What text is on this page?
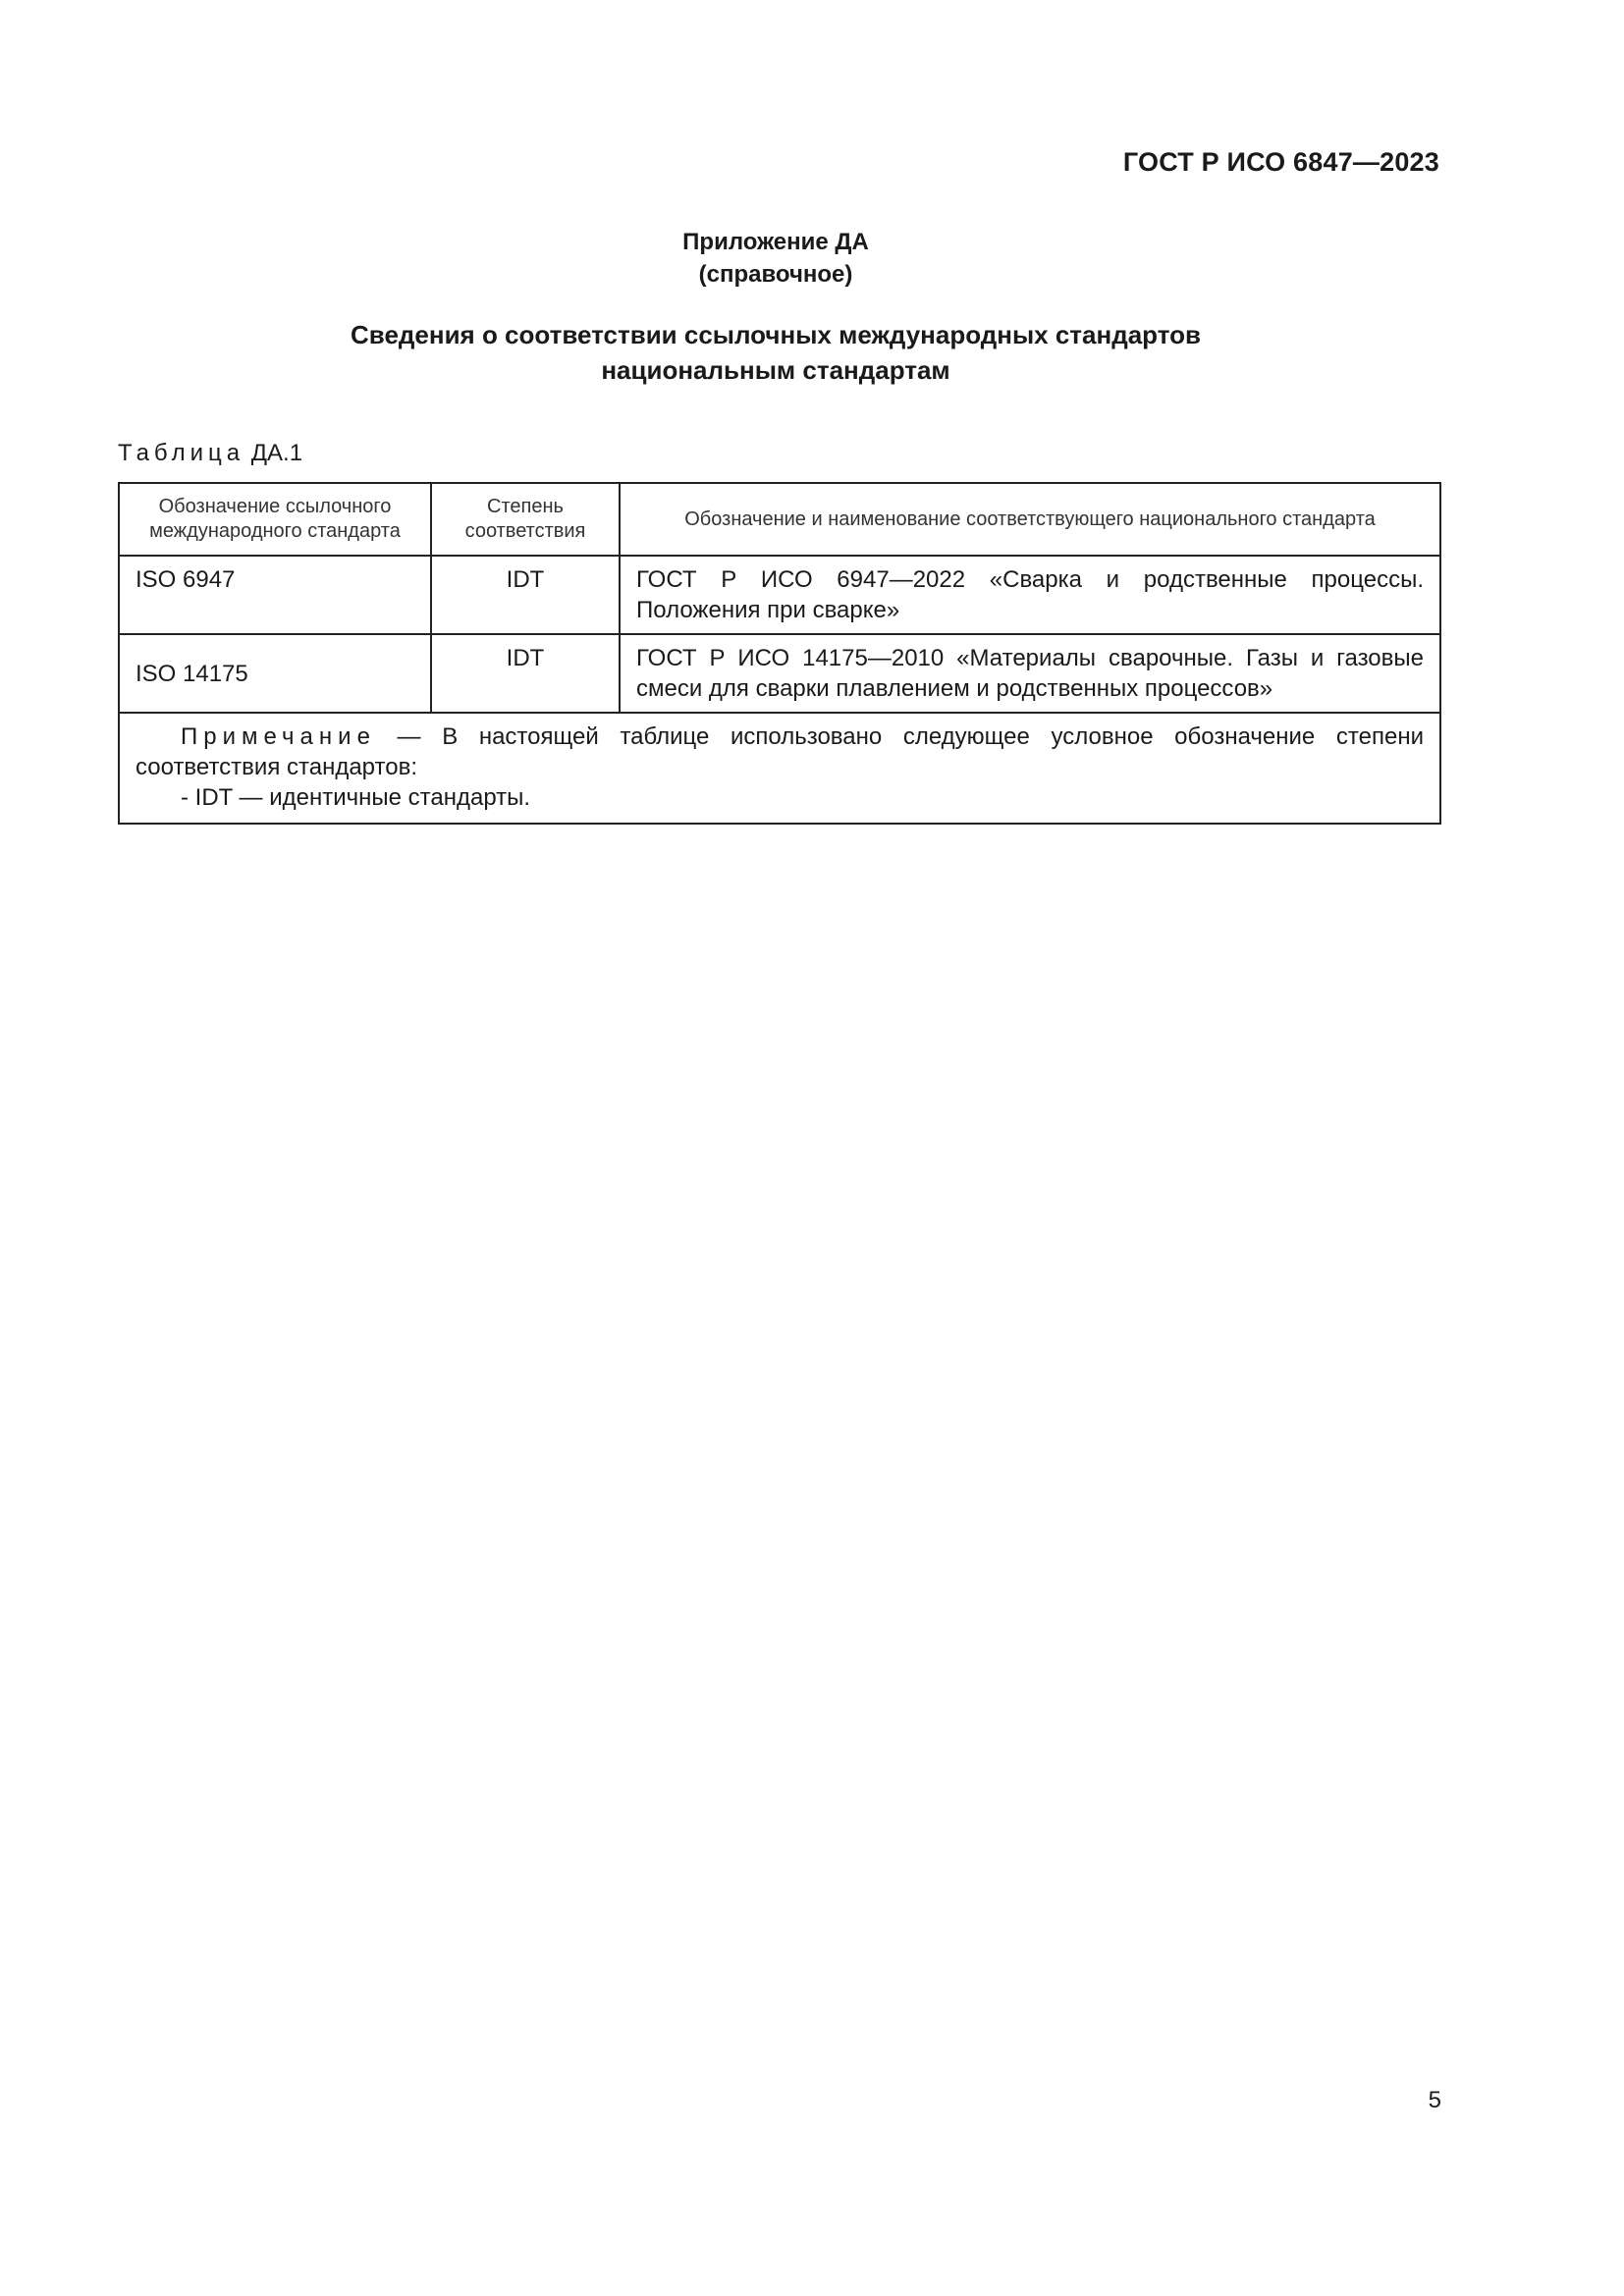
ГОСТ Р ИСО 6847—2023
Приложение ДА
(справочное)
Сведения о соответствии ссылочных международных стандартов
национальным стандартам
Таблица ДА.1
Обозначение ссылочного международного стандарта	Степень соответствия	Обозначение и наименование соответствующего национального стандарта
ISO 6947	IDT	ГОСТ Р ИСО 6947—2022 «Сварка и родственные процессы. Положения при сварке»
ISO 14175	IDT	ГОСТ Р ИСО 14175—2010 «Материалы сварочные. Газы и газовые смеси для сварки плавлением и родственных процессов»

Примечание — В настоящей таблице использовано следующее условное обозначение степени соответствия стандартов:
- IDT — идентичные стандарты.		
5
